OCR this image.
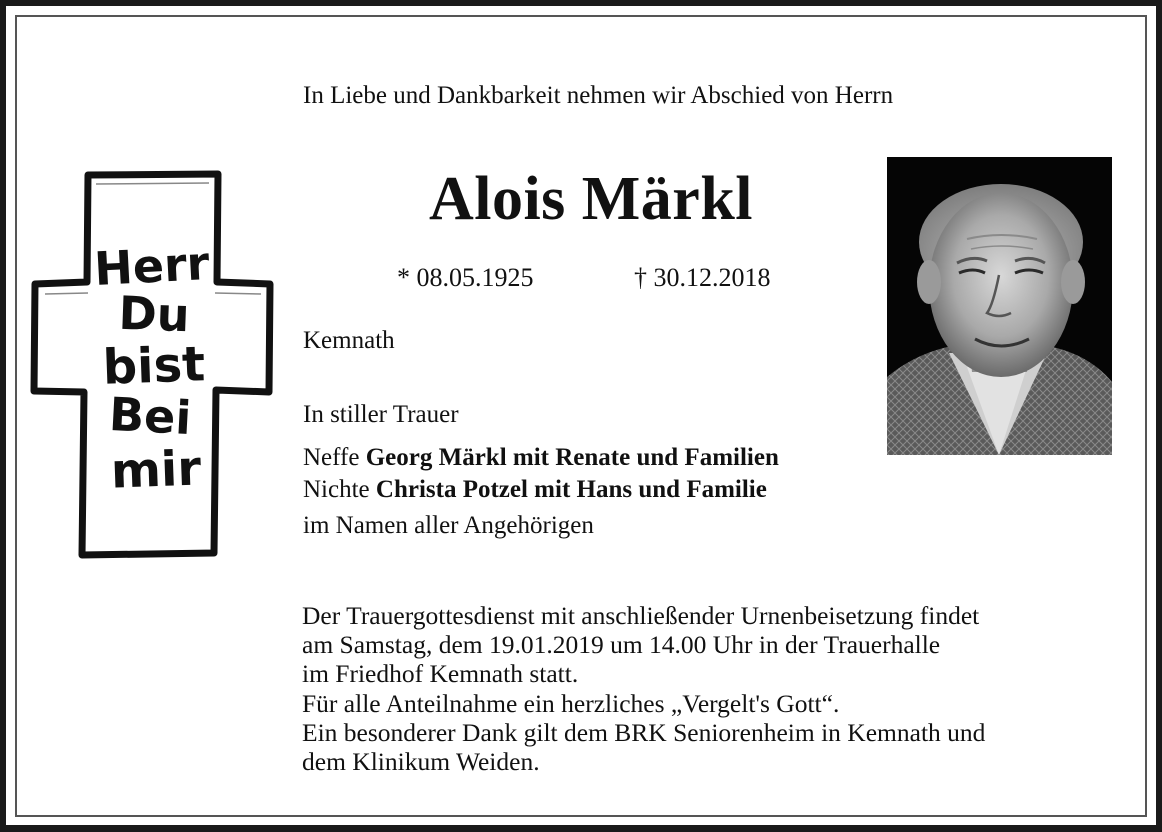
In Liebe und Dankbarkeit nehmen wir Abschied von Herrn

Alois Märkl

* 08.05.1925	† 30.12.2018

Kemnath

In stiller Trauer

Neffe Georg Märkl mit Renate und Familien

Nichte Christa Potzel mit Hans und Familie

im Namen aller Angehörigen

Der Trauergottesdienst mit anschließender Urnenbeisetzung findet
am Samstag, dem 19.01.2019 um 14.00 Uhr in der Trauerhalle
im Friedhof Kemnath statt.
Für alle Anteilnahme ein herzliches „Vergelt's Gott“.
Ein besonderer Dank gilt dem BRK Seniorenheim in Kemnath und
dem Klinikum Weiden.
Herr
Du
bist
Bei
mir
